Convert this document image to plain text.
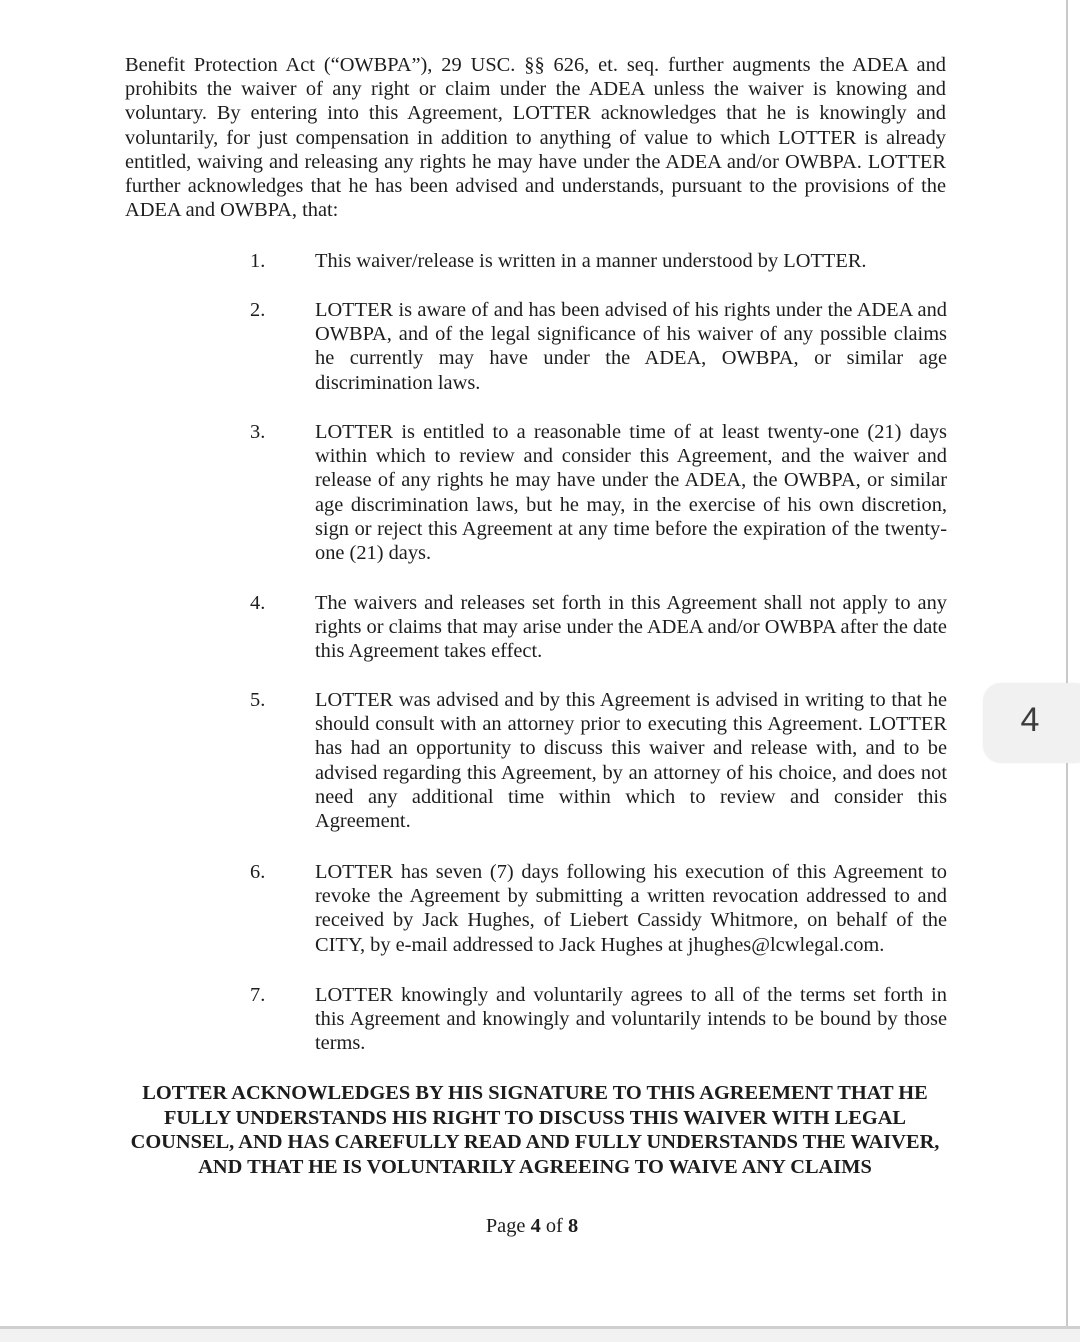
Benefit Protection Act (“OWBPA”), 29 USC. §§ 626, et. seq. further augments the ADEA and prohibits the waiver of any right or claim under the ADEA unless the waiver is knowing and voluntary. By entering into this Agreement, LOTTER acknowledges that he is knowingly and voluntarily, for just compensation in addition to anything of value to which LOTTER is already entitled, waiving and releasing any rights he may have under the ADEA and/or OWBPA. LOTTER further acknowledges that he has been advised and understands, pursuant to the provisions of the ADEA and OWBPA, that:

1.	This waiver/release is written in a manner understood by LOTTER.
2.	LOTTER is aware of and has been advised of his rights under the ADEA and OWBPA, and of the legal significance of his waiver of any possible claims he currently may have under the ADEA, OWBPA, or similar age discrimination laws.
3.	LOTTER is entitled to a reasonable time of at least twenty-one (21) days within which to review and consider this Agreement, and the waiver and release of any rights he may have under the ADEA, the OWBPA, or similar age discrimination laws, but he may, in the exercise of his own discretion, sign or reject this Agreement at any time before the expiration of the twenty-one (21) days.
4.	The waivers and releases set forth in this Agreement shall not apply to any rights or claims that may arise under the ADEA and/or OWBPA after the date this Agreement takes effect.
5.	LOTTER was advised and by this Agreement is advised in writing to that he should consult with an attorney prior to executing this Agreement. LOTTER has had an opportunity to discuss this waiver and release with, and to be advised regarding this Agreement, by an attorney of his choice, and does not need any additional time within which to review and consider this Agreement.
6.	LOTTER has seven (7) days following his execution of this Agreement to revoke the Agreement by submitting a written revocation addressed to and received by Jack Hughes, of Liebert Cassidy Whitmore, on behalf of the CITY, by e-mail addressed to Jack Hughes at jhughes@lcwlegal.com.
7.	LOTTER knowingly and voluntarily agrees to all of the terms set forth in this Agreement and knowingly and voluntarily intends to be bound by those terms.

LOTTER ACKNOWLEDGES BY HIS SIGNATURE TO THIS AGREEMENT THAT HE FULLY UNDERSTANDS HIS RIGHT TO DISCUSS THIS WAIVER WITH LEGAL COUNSEL, AND HAS CAREFULLY READ AND FULLY UNDERSTANDS THE WAIVER, AND THAT HE IS VOLUNTARILY AGREEING TO WAIVE ANY CLAIMS

Page 4 of 8
4
